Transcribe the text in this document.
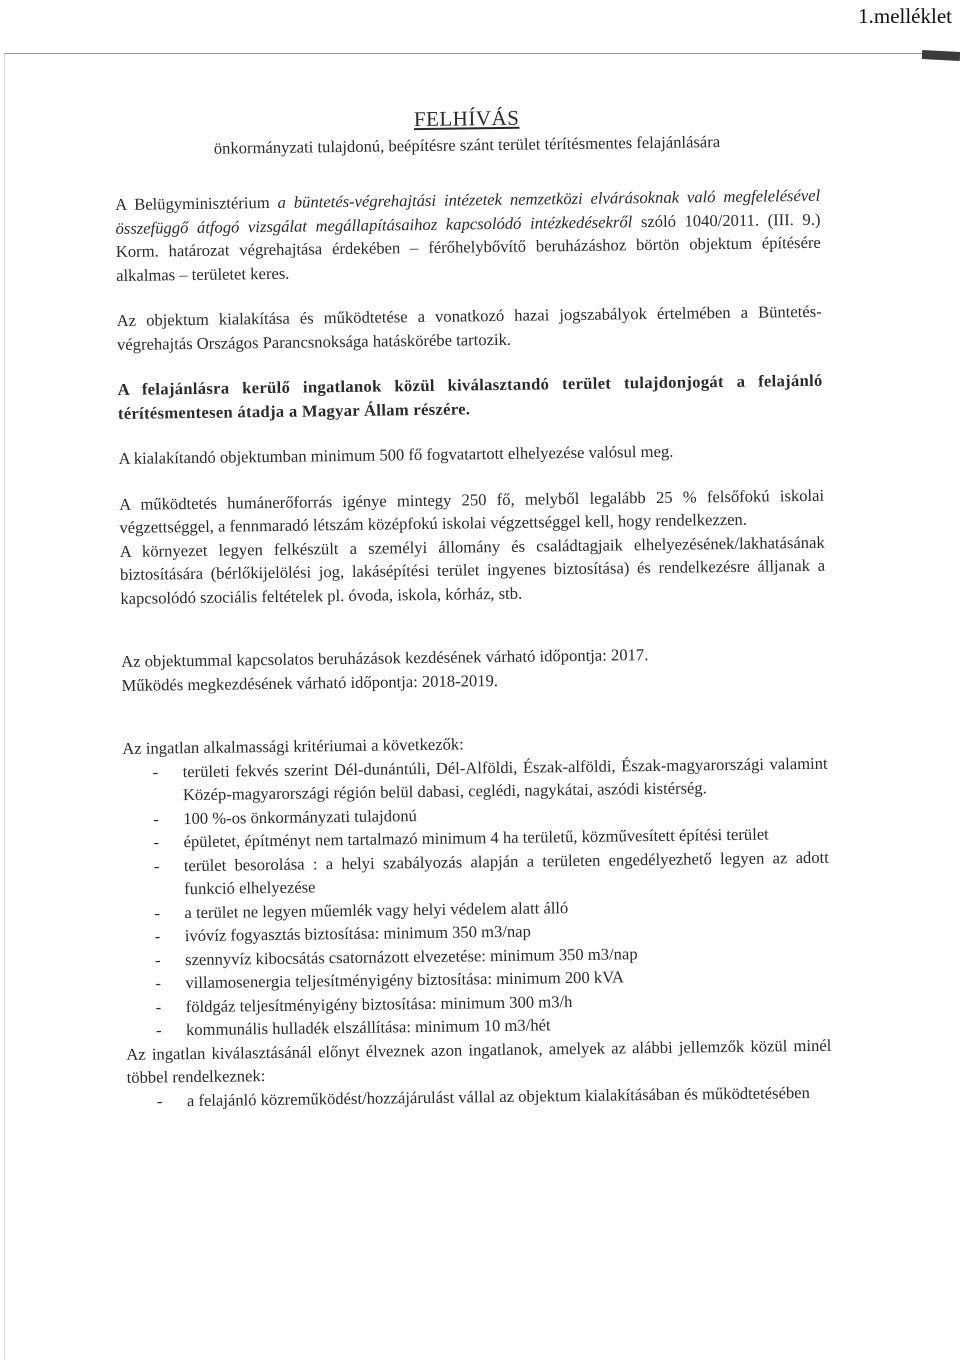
1.melléklet
FELHÍVÁS
önkormányzati tulajdonú, beépítésre szánt terület térítésmentes felajánlására

A Belügyminisztérium a büntetés-végrehajtási intézetek nemzetközi elvárásoknak való megfelelésével összefüggő átfogó vizsgálat megállapításaihoz kapcsolódó intézkedésekről szóló 1040/2011. (III. 9.) Korm. határozat végrehajtása érdekében – férőhelybővítő beruházáshoz börtön objektum építésére alkalmas – területet keres.

Az objektum kialakítása és működtetése a vonatkozó hazai jogszabályok értelmében a Büntetés-végrehajtás Országos Parancsnoksága hatáskörébe tartozik.

A felajánlásra kerülő ingatlanok közül kiválasztandó terület tulajdonjogát a felajánló térítésmentesen átadja a Magyar Állam részére.

A kialakítandó objektumban minimum 500 fő fogvatartott elhelyezése valósul meg.

A működtetés humánerőforrás igénye mintegy 250 fő, melyből legalább 25 % felsőfokú iskolai végzettséggel, a fennmaradó létszám középfokú iskolai végzettséggel kell, hogy rendelkezzen.

A környezet legyen felkészült a személyi állomány és családtagjaik elhelyezésének/lakhatásának biztosítására (bérlőkijelölési jog, lakásépítési terület ingyenes biztosítása) és rendelkezésre álljanak a kapcsolódó szociális feltételek pl. óvoda, iskola, kórház, stb.

Az objektummal kapcsolatos beruházások kezdésének várható időpontja: 2017.

Működés megkezdésének várható időpontja: 2018-2019.

Az ingatlan alkalmassági kritériumai a következők:

- területi fekvés szerint Dél-dunántúli, Dél-Alföldi, Észak-alföldi, Észak-magyarországi valamint Közép-magyarországi régión belül dabasi, ceglédi, nagykátai, aszódi kistérség.
- 100 %-os önkormányzati tulajdonú
- épületet, építményt nem tartalmazó minimum 4 ha területű, közművesített építési terület
- terület besorolása : a helyi szabályozás alapján a területen engedélyezhető legyen az adott funkció elhelyezése
- a terület ne legyen műemlék vagy helyi védelem alatt álló
- ivóvíz fogyasztás biztosítása: minimum 350 m3/nap
- szennyvíz kibocsátás csatornázott elvezetése: minimum 350 m3/nap
- villamosenergia teljesítményigény biztosítása: minimum 200 kVA
- földgáz teljesítményigény biztosítása: minimum 300 m3/h
- kommunális hulladék elszállítása: minimum 10 m3/hét

Az ingatlan kiválasztásánál előnyt élveznek azon ingatlanok, amelyek az alábbi jellemzők közül minél többel rendelkeznek:

- a felajánló közreműködést/hozzájárulást vállal az objektum kialakításában és működtetésében
